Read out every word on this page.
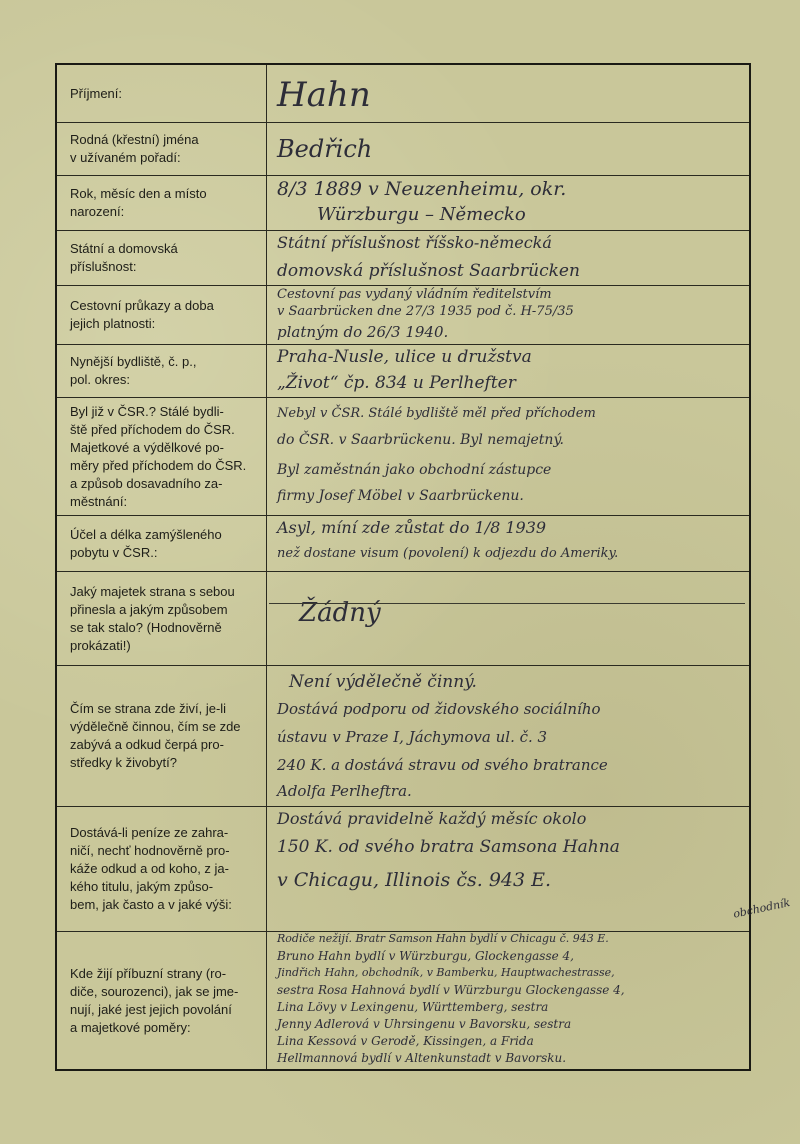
Příjmení:	Hahn
Rodná (křestní) jména
v užívaném pořadí:	Bedřich
Rok, měsíc den a místo
narození:
8/3 1889 v Neuzenheimu, okr.
Würzburgu – Německo
Státní a domovská
příslušnost:
Státní příslušnost říšsko-německá
domovská příslušnost Saarbrücken
Cestovní průkazy a doba
jejich platnosti:
Cestovní pas vydaný vládním ředitelstvím
v Saarbrücken dne 27/3 1935 pod č. H-75/35
platným do 26/3 1940.
Nynější bydliště, č. p.,
pol. okres:
Praha-Nusle, ulice u družstva
„Život“ čp. 834 u Perlhefter
Byl již v ČSR.? Stálé bydli-
ště před příchodem do ČSR.
Majetkové a výdělkové po-
měry před příchodem do ČSR.
a způsob dosavadního za-
městnání:
Nebyl v ČSR. Stálé bydliště měl před příchodem
do ČSR. v Saarbrückenu. Byl nemajetný.
Byl zaměstnán jako obchodní zástupce
firmy Josef Möbel v Saarbrückenu.
Účel a délka zamýšleného
pobytu v ČSR.:
Asyl, míní zde zůstat do 1/8 1939
než dostane visum (povolení) k odjezdu do Ameriky.
Jaký majetek strana s sebou
přinesla a jakým způsobem
se tak stalo? (Hodnověrně
prokázati!)
Žádný
Čím se strana zde živí, je-li
výdělečně činnou, čím se zde
zabývá a odkud čerpá pro-
středky k živobytí?
Není výdělečně činný.
Dostává podporu od židovského sociálního
ústavu v Praze I, Jáchymova ul. č. 3
240 K. a dostává stravu od svého bratrance
Adolfa Perlheftra.
Dostává-li peníze ze zahra-
ničí, nechť hodnověrně pro-
káže odkud a od koho, z ja-
kého titulu, jakým způso-
bem, jak často a v jaké výši:
Dostává pravidelně každý měsíc okolo
150 K. od svého bratra Samsona Hahna
v Chicagu, Illinois čs. 943 E.
Kde žijí příbuzní strany (ro-
diče, sourozenci), jak se jme-
nují, jaké jest jejich povolání
a majetkové poměry:
Rodiče nežijí. Bratr Samson Hahn bydlí v Chicagu č. 943 E.
Bruno Hahn bydlí v Würzburgu, Glockengasse 4,
Jindřich Hahn, obchodník, v Bamberku, Hauptwachestrasse,
sestra Rosa Hahnová bydlí v Würzburgu Glockengasse 4,
Lina Lövy v Lexingenu, Württemberg, sestra
Jenny Adlerová v Uhrsingenu v Bavorsku, sestra
Lina Kessová v Gerodě, Kissingen, a Frida
Hellmannová bydlí v Altenkunstadt v Bavorsku.
obchodník
